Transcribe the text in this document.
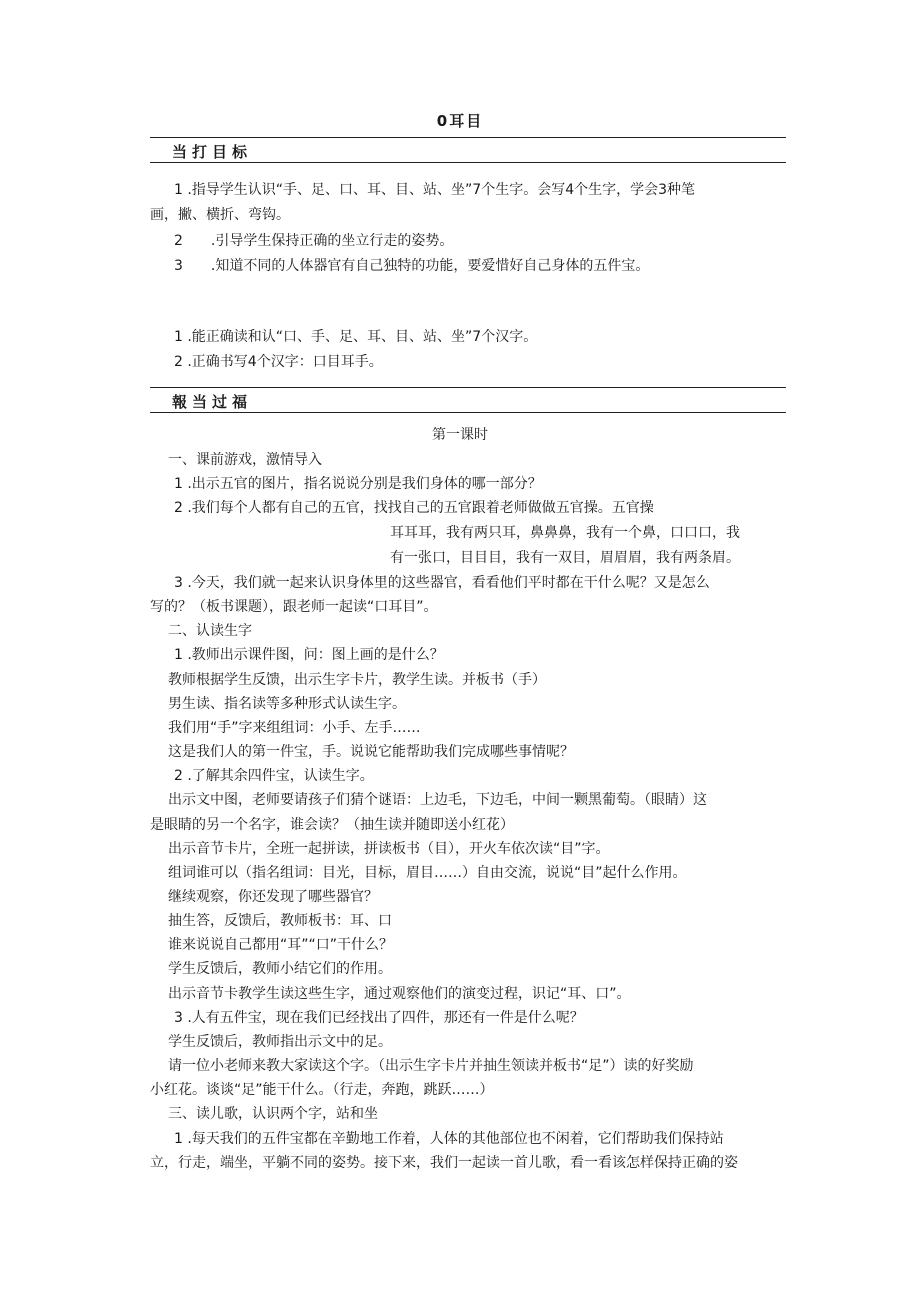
0耳目
当打目标
1 .指导学生认识“手、足、口、耳、目、站、坐”7个生字。会写4个生字，学会3种笔
画，撇、横折、弯钩。
2　　.引导学生保持正确的坐立行走的姿势。
3　　.知道不同的人体器官有自己独特的功能，要爱惜好自己身体的五件宝。
1 .能正确读和认“口、手、足、耳、目、站、坐”7个汉字。
2 .正确书写4个汉字：口目耳手。
報当过福
第一课时
一、课前游戏，激情导入
1 .出示五官的图片，指名说说分别是我们身体的哪一部分？
2 .我们每个人都有自己的五官，找找自己的五官跟着老师做做五官操。五官操
耳耳耳，我有两只耳，鼻鼻鼻，我有一个鼻，口口口，我
有一张口，目目目，我有一双目，眉眉眉，我有两条眉。
3 .今天，我们就一起来认识身体里的这些器官，看看他们平时都在干什么呢？又是怎么
写的？（板书课题），跟老师一起读“口耳目”。
二、认读生字
1 .教师出示课件图，问：图上画的是什么？
教师根据学生反馈，出示生字卡片，教学生读。并板书（手）
男生读、指名读等多种形式认读生字。
我们用“手”字来组组词：小手、左手……
这是我们人的第一件宝，手。说说它能帮助我们完成哪些事情呢？
2 .了解其余四件宝，认读生字。
出示文中图，老师要请孩子们猜个谜语：上边毛，下边毛，中间一颗黑葡萄。（眼睛）这
是眼睛的另一个名字，谁会读？（抽生读并随即送小红花）
出示音节卡片，全班一起拼读，拼读板书（目），开火车依次读“目”字。
组词谁可以（指名组词：目光，目标，眉目……）自由交流，说说“目”起什么作用。
继续观察，你还发现了哪些器官？
抽生答，反馈后，教师板书：耳、口
谁来说说自己都用“耳”“口”干什么？
学生反馈后，教师小结它们的作用。
出示音节卡教学生读这些生字，通过观察他们的演变过程，识记“耳、口”。
3 .人有五件宝，现在我们已经找出了四件，那还有一件是什么呢？
学生反馈后，教师指出示文中的足。
请一位小老师来教大家读这个字。（出示生字卡片并抽生领读并板书“足”）读的好奖励
小红花。谈谈“足”能干什么。（行走，奔跑，跳跃……）
三、读儿歌，认识两个字，站和坐
1 .每天我们的五件宝都在辛勤地工作着，人体的其他部位也不闲着，它们帮助我们保持站
立，行走，端坐，平躺不同的姿势。接下来，我们一起读一首儿歌，看一看该怎样保持正确的姿
